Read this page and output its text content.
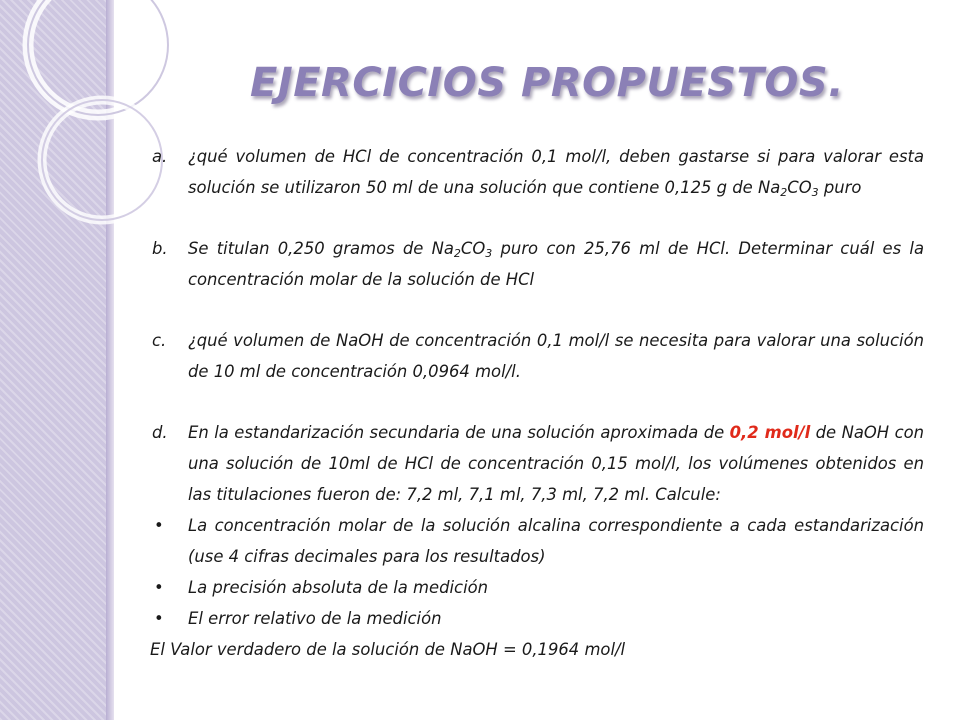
EJERCICIOS PROPUESTOS.
a. ¿qué volumen de HCl de concentración 0,1 mol/l, deben gastarse si para valorar esta solución se utilizaron 50 ml de una solución que contiene 0,125 g de $Na_2CO_3$ puro
b. Se titulan 0,250 gramos de $Na_2CO_3$ puro con 25,76 ml de HCl. Determinar cuál es la concentración molar de la solución de HCl
c. ¿qué volumen de NaOH de concentración 0,1 mol/l se necesita para valorar una solución de 10 ml de concentración 0,0964 mol/l.
d. En la estandarización secundaria de una solución aproximada de 0,2 mol/l de NaOH con una solución de 10ml de HCl de concentración 0,15 mol/l, los volúmenes obtenidos en las titulaciones fueron de: 7,2 ml, 7,1 ml, 7,3 ml, 7,2 ml. Calcule:
• La concentración molar de la solución alcalina correspondiente a cada estandarización (use 4 cifras decimales para los resultados)
• La precisión absoluta de la medición
• El error relativo de la medición
El Valor verdadero de la solución de NaOH = 0,1964 mol/l
